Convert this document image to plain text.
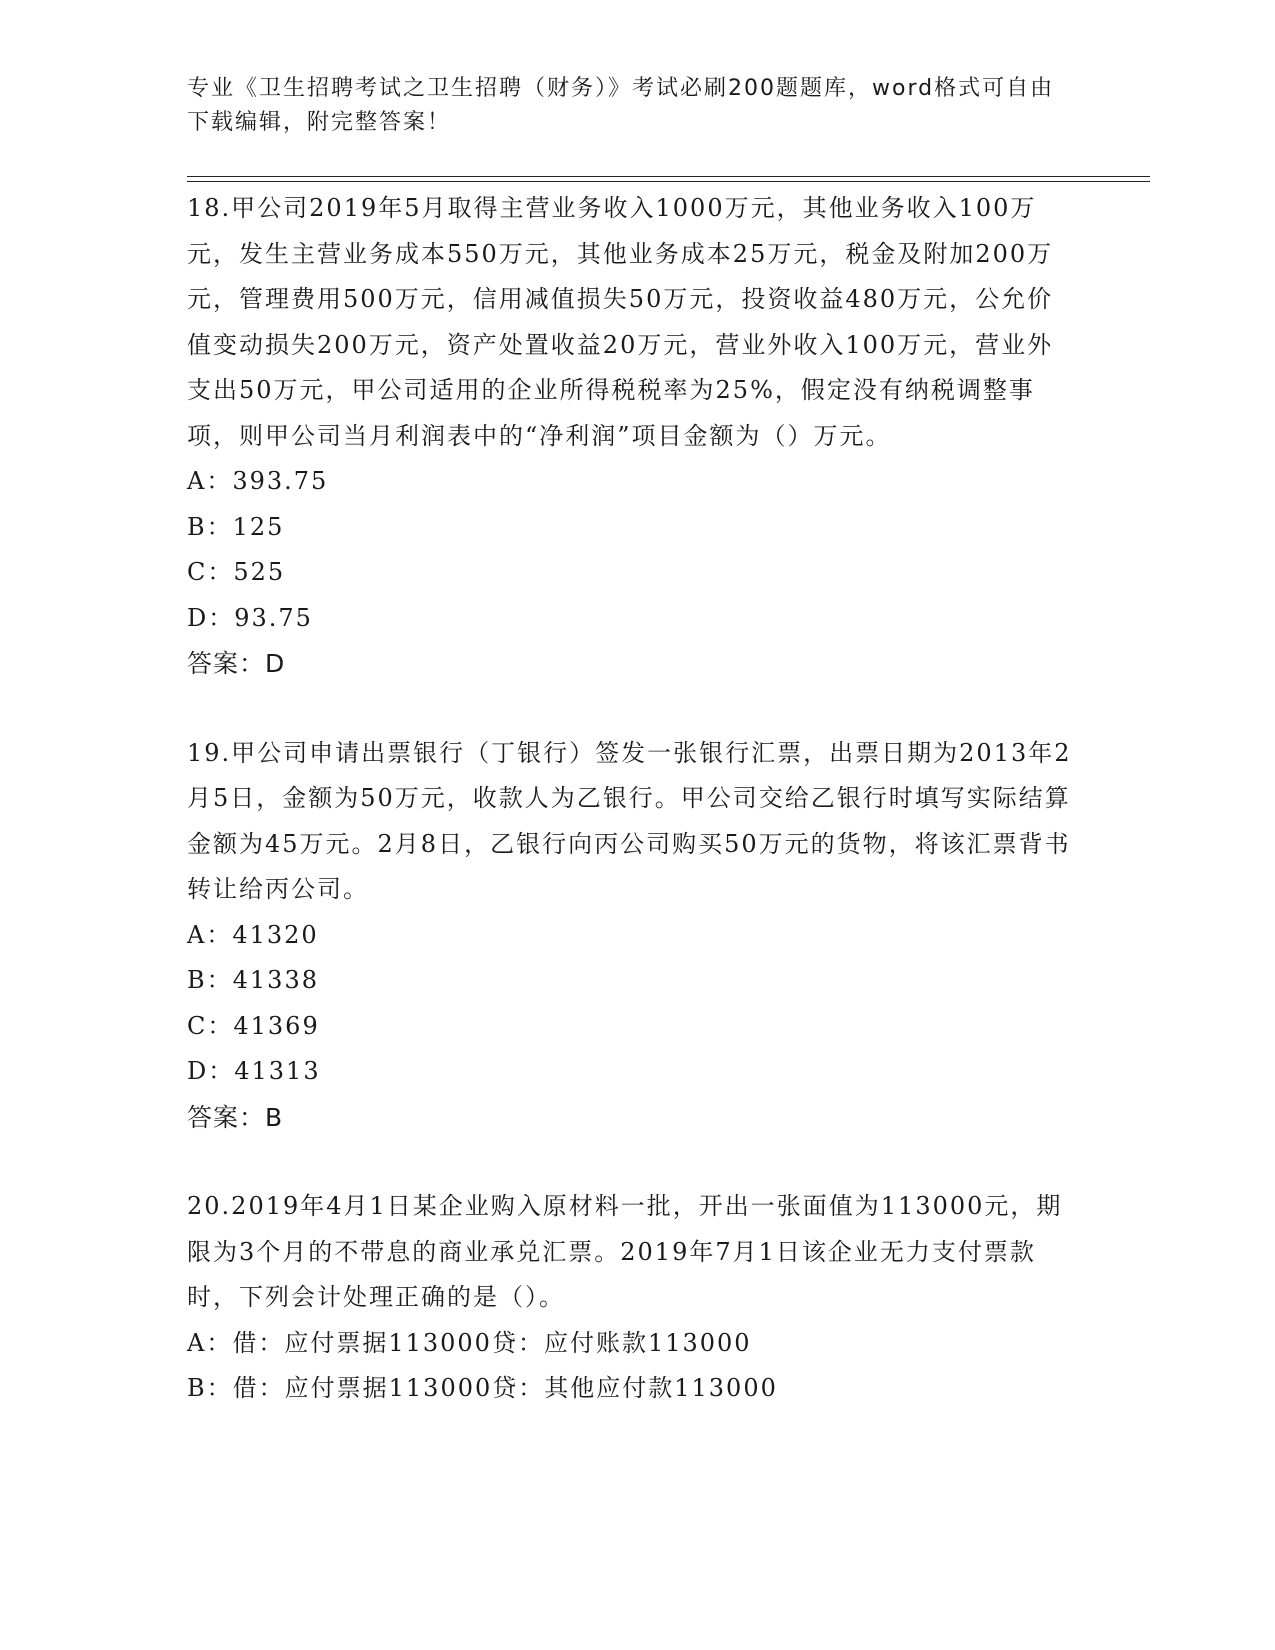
专业《卫生招聘考试之卫生招聘（财务）》考试必刷200题题库，word格式可自由下载编辑，附完整答案！

18.甲公司2019年5月取得主营业务收入1000万元，其他业务收入100万元，发生主营业务成本550万元，其他业务成本25万元，税金及附加200万元，管理费用500万元，信用减值损失50万元，投资收益480万元，公允价值变动损失200万元，资产处置收益20万元，营业外收入100万元，营业外支出50万元，甲公司适用的企业所得税税率为25%，假定没有纳税调整事项，则甲公司当月利润表中的“净利润”项目金额为（）万元。

A：393.75

B：125

C：525

D：93.75

答案：D

19.甲公司申请出票银行（丁银行）签发一张银行汇票，出票日期为2013年2月5日，金额为50万元，收款人为乙银行。甲公司交给乙银行时填写实际结算金额为45万元。2月8日，乙银行向丙公司购买50万元的货物，将该汇票背书转让给丙公司。

A：41320

B：41338

C：41369

D：41313

答案：B

20.2019年4月1日某企业购入原材料一批，开出一张面值为113000元，期限为3个月的不带息的商业承兑汇票。2019年7月1日该企业无力支付票款时，下列会计处理正确的是（）。

A：借：应付票据113000贷：应付账款113000

B：借：应付票据113000贷：其他应付款113000
